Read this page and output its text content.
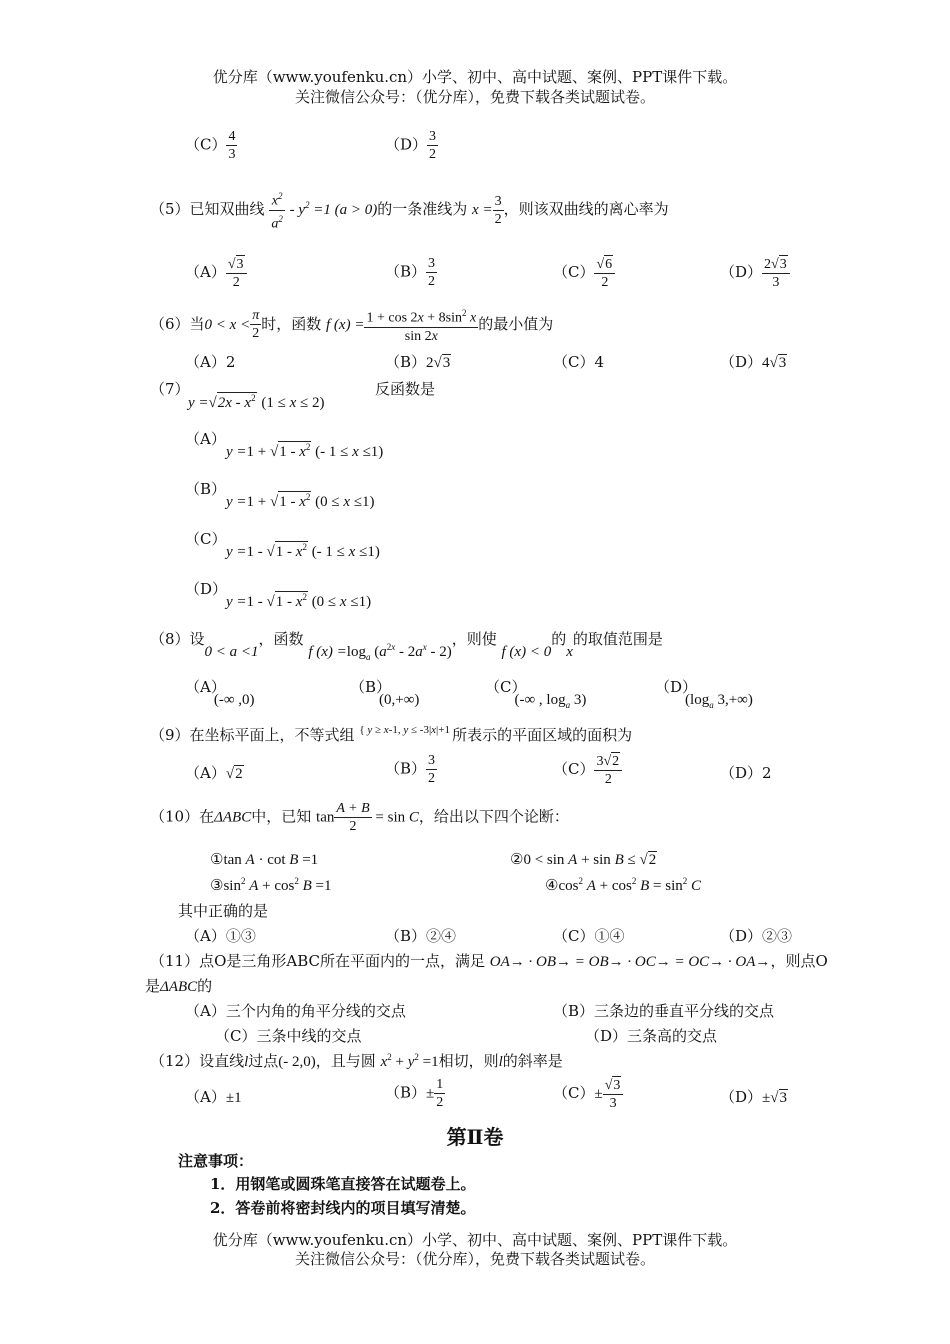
优分库（www.youfenku.cn）小学、初中、高中试题、案例、PPT课件下载。
关注微信公众号：（优分库），免费下载各类试题试卷。
$(C) \frac{4}{3}$	$(D) \frac{3}{2}$
（5）已知双曲线 $\frac{x^2}{a^2} - y^2 =1$ (a > 0)的一条准线为 $x = \frac{3}{2}$ ，则该双曲线的离心率为
$(A) \frac{√3}{2}$	$(B) \frac{3}{2}$	$(C) \frac{√6}{2}$	$(D) \frac{2√3}{3}$
（6）当$0 < x < \frac{\pi}{2}$ 时，函数 f $(x) = \frac{1 + \cos 2x + 8\sin^2 x}{\sin 2x}$ 的最小值为
（A）2	（B）2√3	（C）4	（D）4√3
（7）
$y =√2x - x^2$ (1 ≤ x ≤ 2)
反函数是
（A）
$y =1 + √1 - x^2$ (- 1 ≤ x ≤1)
（B）
$y =1 + √1 - x^2$ (0 ≤ x ≤1)
（C）
$y =1 - √1 - x^2$ (- 1 ≤ x ≤1)
（D）
$y =1 - √1 - x^2$ (0 ≤ x ≤1)
（8）设0 < a <1，函数 f $(x) =\log_a$ $(a^{2x} - 2a^x - 2)$，则使 f (x) < 0的x的取值范围是
（A）(-∞ ,0)
（B）(0,+∞)
（C）(-∞ , $\log_a 3$)
$(D)(\log_a$ 3,+∞)
（9）在坐标平面上，不等式组 { y ≥ x-1, y ≤ -3|x|+1 所表示的平面区域的面积为
（A）√2	$(B) \frac{3}{2}$	$(C) \frac{3√2}{2}$	（D）2
（10）在ΔABC中，已知 $\tan \frac{A + B}{2} = \sin C$，给出以下四个论断：
①tan A · cot B =1	②0 < sin A + sin B ≤ √2
$③\sin^2$ $A + \cos^2 B =1$	$④\cos^2$ $A + \cos^2 B = \sin^2 C$
其中正确的是
（A）①③	（B）②④	（C）①④	（D）②③
（11）点O是三角形ABC所在平面内的一点，满足 OA→ · OB→ = OB→ · OC→ = OC→ · OA→，则点O
是ΔABC的
（A）三个内角的角平分线的交点	（B）三条边的垂直平分线的交点
（C）三条中线的交点	（D）三条高的交点
（12）设直线l过点(- 2,0)，且与圆 $x^2 + y^2 =1$相切，则l的斜率是
（A）±1	$(B)\pm \frac{1}{2}$	$(C)\pm \frac{√3}{3}$	（D）±√3
第Ⅱ卷
注意事项：
1．用钢笔或圆珠笔直接答在试题卷上。
2．答卷前将密封线内的项目填写清楚。
优分库（www.youfenku.cn）小学、初中、高中试题、案例、PPT课件下载。
关注微信公众号：（优分库），免费下载各类试题试卷。
